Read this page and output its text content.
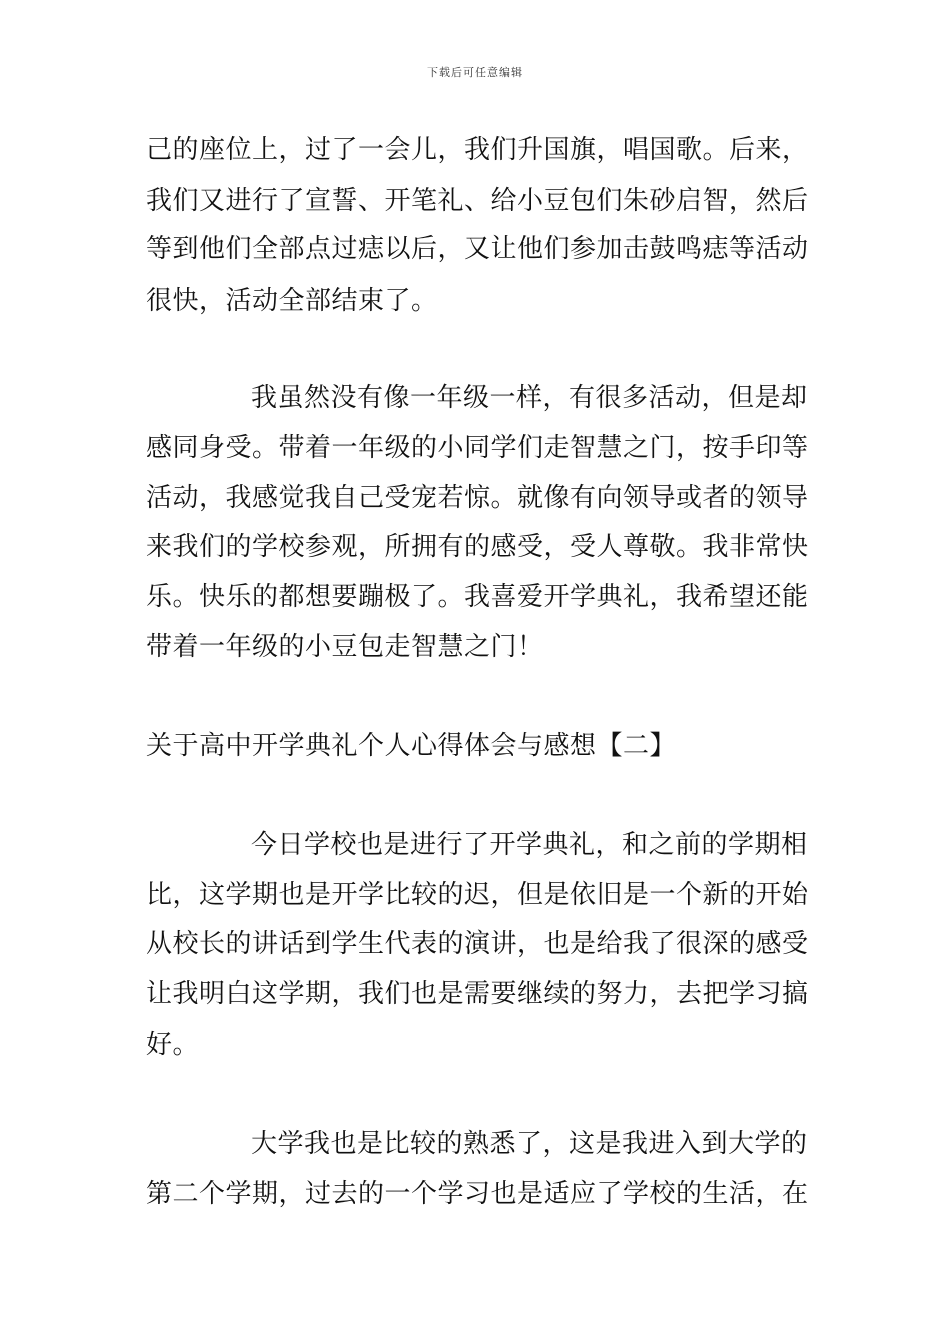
下载后可任意编辑
己的座位上，过了一会儿，我们升国旗，唱国歌。后来，
我们又进行了宣誓、开笔礼、给小豆包们朱砂启智，然后
等到他们全部点过痣以后，又让他们参加击鼓鸣痣等活动
很快，活动全部结束了。
我虽然没有像一年级一样，有很多活动，但是却
感同身受。带着一年级的小同学们走智慧之门，按手印等
活动，我感觉我自己受宠若惊。就像有向领导或者的领导
来我们的学校参观，所拥有的感受，受人尊敬。我非常快
乐。快乐的都想要蹦极了。我喜爱开学典礼，我希望还能
带着一年级的小豆包走智慧之门！
关于高中开学典礼个人心得体会与感想【二】
今日学校也是进行了开学典礼，和之前的学期相
比，这学期也是开学比较的迟，但是依旧是一个新的开始
从校长的讲话到学生代表的演讲，也是给我了很深的感受
让我明白这学期，我们也是需要继续的努力，去把学习搞
好。
大学我也是比较的熟悉了，这是我进入到大学的
第二个学期，过去的一个学习也是适应了学校的生活，在
